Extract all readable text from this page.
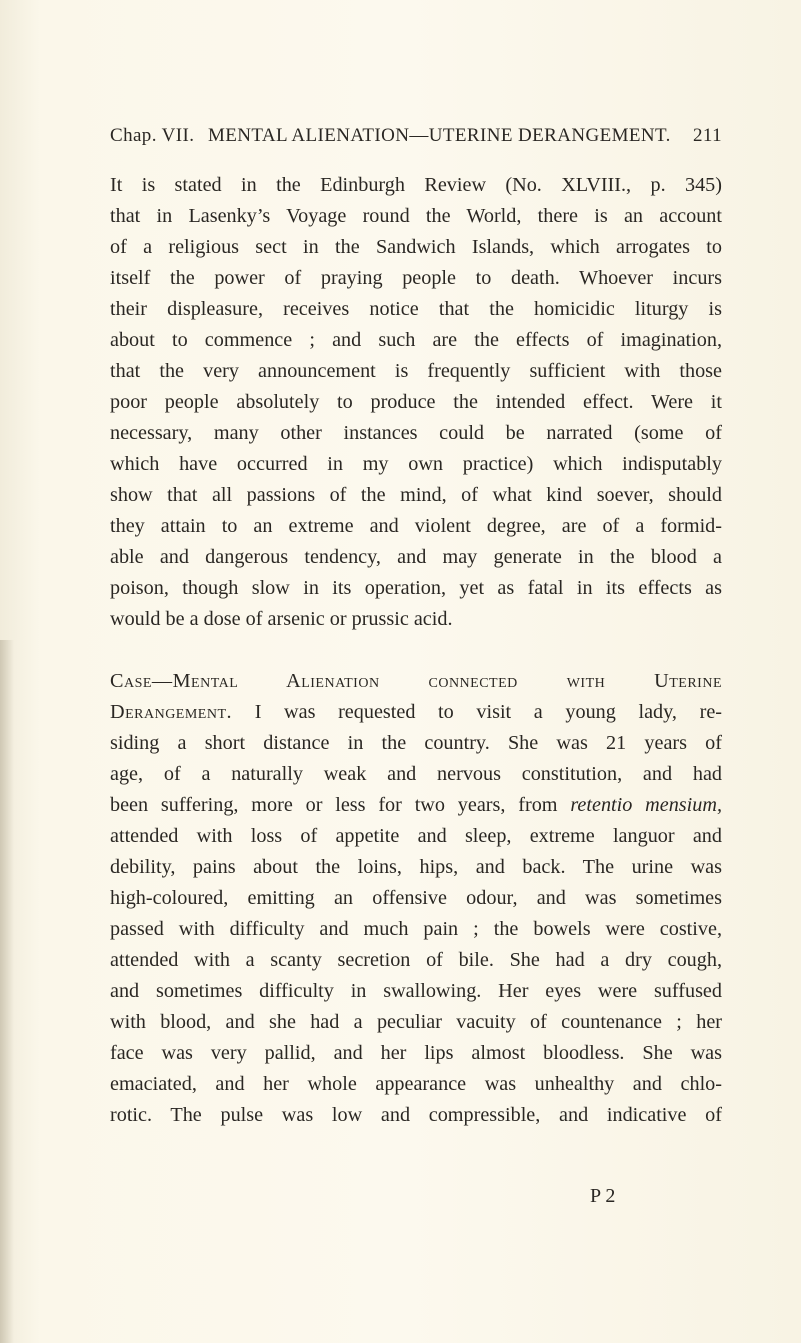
Chap. VII. MENTAL ALIENATION—UTERINE DERANGEMENT. 211

It is stated in the Edinburgh Review (No. XLVIII., p. 345)
that in Lasenky’s Voyage round the World, there is an account
of a religious sect in the Sandwich Islands, which arrogates to
itself the power of praying people to death. Whoever incurs
their displeasure, receives notice that the homicidic liturgy is
about to commence ; and such are the effects of imagination,
that the very announcement is frequently sufficient with those
poor people absolutely to produce the intended effect. Were it
necessary, many other instances could be narrated (some of
which have occurred in my own practice) which indisputably
show that all passions of the mind, of what kind soever, should
they attain to an extreme and violent degree, are of a formid-
able and dangerous tendency, and may generate in the blood a
poison, though slow in its operation, yet as fatal in its effects as
would be a dose of arsenic or prussic acid.

Case—Mental Alienation connected with Uterine
Derangement. I was requested to visit a young lady, re-
siding a short distance in the country. She was 21 years of
age, of a naturally weak and nervous constitution, and had
been suffering, more or less for two years, from retentio mensium,
attended with loss of appetite and sleep, extreme languor and
debility, pains about the loins, hips, and back. The urine was
high-coloured, emitting an offensive odour, and was sometimes
passed with difficulty and much pain ; the bowels were costive,
attended with a scanty secretion of bile. She had a dry cough,
and sometimes difficulty in swallowing. Her eyes were suffused
with blood, and she had a peculiar vacuity of countenance ; her
face was very pallid, and her lips almost bloodless. She was
emaciated, and her whole appearance was unhealthy and chlo-
rotic. The pulse was low and compressible, and indicative of

P 2
